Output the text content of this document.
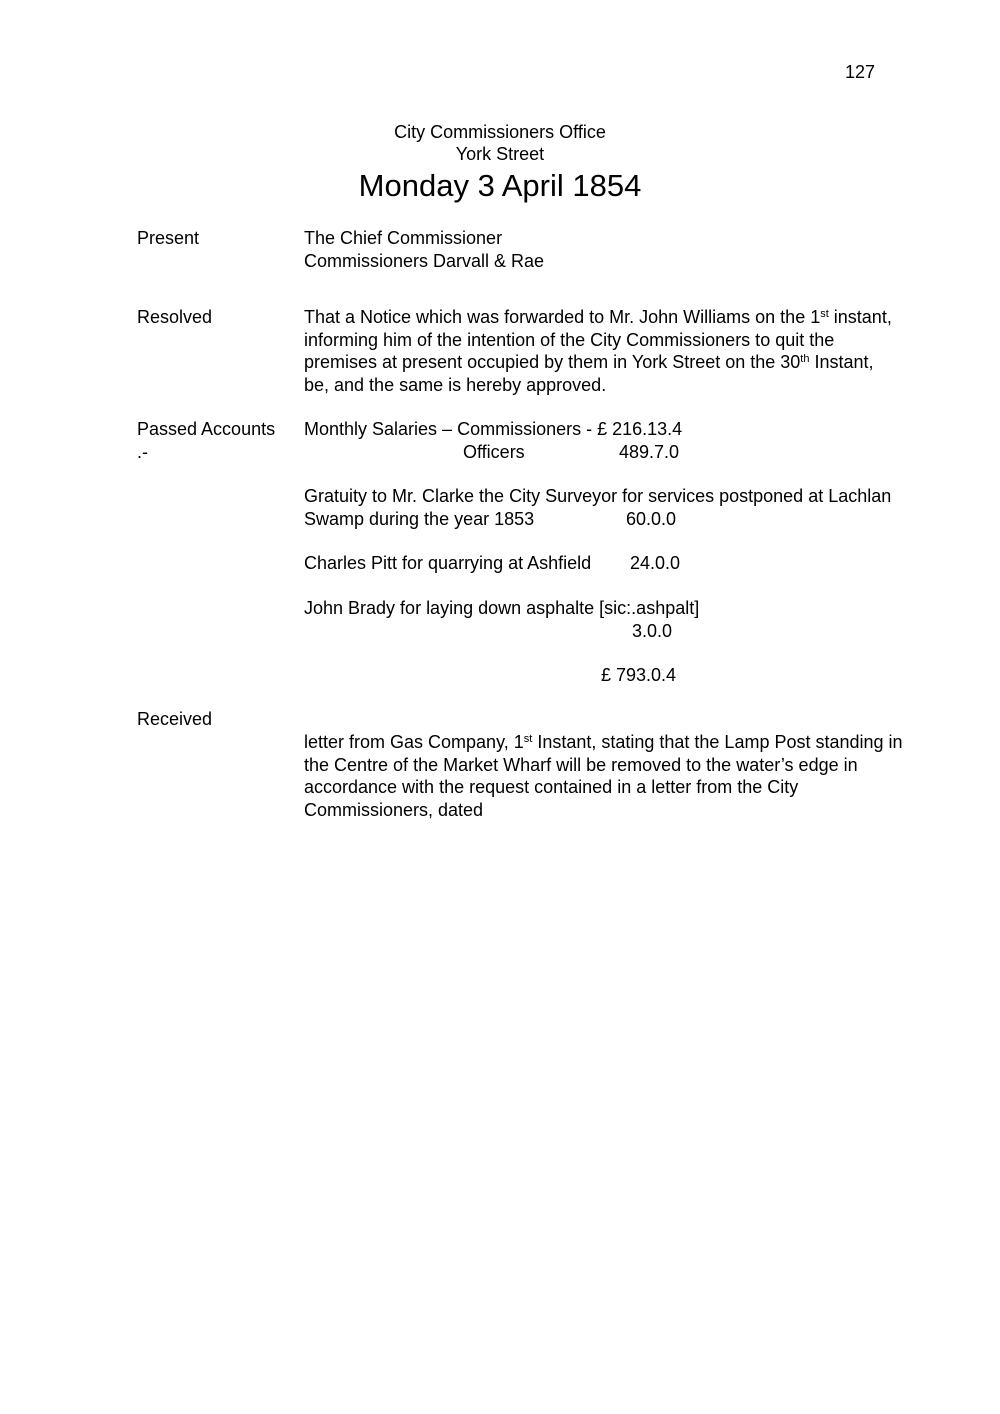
127
City Commissioners Office
York Street
Monday 3 April 1854
Present	The Chief Commissioner
Commissioners Darvall & Rae
Resolved	That a Notice which was forwarded to Mr. John Williams on the 1st instant,
informing him of the intention of the City Commissioners to quit the
premises at present occupied by them in York Street on the 30th Instant,
be, and the same is hereby approved.
Passed Accounts
.-
Monthly Salaries – Commissioners - £ 216.13.4
Officers	489.7.0
Gratuity to Mr. Clarke the City Surveyor for services postponed at Lachlan
Swamp during the year 1853	60.0.0
Charles Pitt for quarrying at Ashfield 24.0.0
John Brady for laying down asphalte [sic:.ashpalt]
3.0.0
£ 793.0.4
Received
letter from Gas Company, 1st Instant, stating that the Lamp Post standing in
the Centre of the Market Wharf will be removed to the water’s edge in
accordance with the request contained in a letter from the City
Commissioners, dated
